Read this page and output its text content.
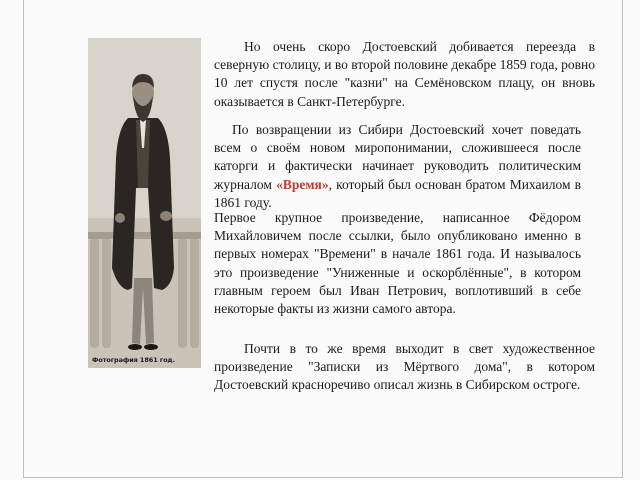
Фотография 1861 год.

Но очень скоро Достоевский добивается переезда в северную столицу, и во второй половине декабре 1859 года, ровно 10 лет спустя после "казни" на Семёновском плацу, он вновь оказывается в Санкт-Петербурге.

По возвращении из Сибири Достоевский хочет поведать всем о своём новом миропонимании, сложившееся после каторги и фактически начинает руководить политическим журналом «Время», который был основан братом Михаилом в 1861 году.

Первое крупное произведение, написанное Фёдором Михайловичем после ссылки, было опубликовано именно в первых номерах "Времени" в начале 1861 года. И называлось это произведение "Униженные и оскорблённые", в котором главным героем был Иван Петрович, воплотивший в себе некоторые факты из жизни самого автора.

Почти в то же время выходит в свет художественное произведение "Записки из Мёртвого дома", в котором Достоевский красноречиво описал жизнь в Сибирском остроге.
